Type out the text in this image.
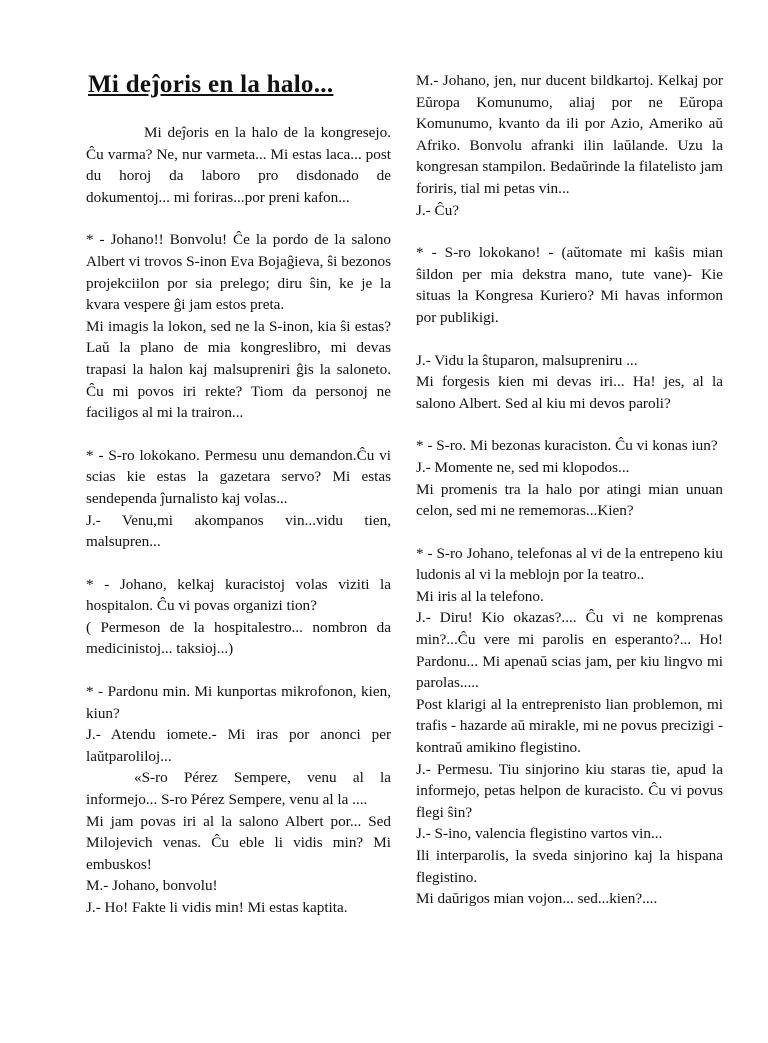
Mi deĵoris en la halo...

Mi deĵoris en la halo de la kongresejo. Ĉu varma? Ne, nur varmeta... Mi estas laca... post du horoj da laboro pro disdonado de dokumentoj... mi foriras...por preni kafon...

* - Johano!! Bonvolu! Ĉe la pordo de la salono Albert vi trovos S-inon Eva Bojaĝieva, ŝi bezonos projekciilon por sia prelego; diru ŝin, ke je la kvara vespere ĝi jam estos preta.

Mi imagis la lokon, sed ne la S-inon, kia ŝi estas? Laŭ la plano de mia kongreslibro, mi devas trapasi la halon kaj malsupreniri ĝis la saloneto. Ĉu mi povos iri rekte? Tiom da personoj ne faciligos al mi la trairon...

* - S-ro lokokano. Permesu unu demandon.Ĉu vi scias kie estas la gazetara servo? Mi estas sendependa ĵurnalisto kaj volas...

J.- Venu,mi akompanos vin...vidu tien, malsupren...

* - Johano, kelkaj kuracistoj volas viziti la hospitalon. Ĉu vi povas organizi tion?

( Permeson de la hospitalestro... nombron da medicinistoj... taksioj...)

* - Pardonu min. Mi kunportas mikrofonon, kien, kiun?

J.- Atendu iomete.- Mi iras por anonci per laŭtparoliloj...

«S-ro Pérez Sempere, venu al la informejo... S-ro Pérez Sempere, venu al la ....

Mi jam povas iri al la salono Albert por... Sed Milojevich venas. Ĉu eble li vidis min? Mi embuskos!

M.- Johano, bonvolu!

J.- Ho! Fakte li vidis min! Mi estas kaptita.

M.- Johano, jen, nur ducent bildkartoj. Kelkaj por Eŭropa Komunumo, aliaj por ne Eŭropa Komunumo, kvanto da ili por Azio, Ameriko aŭ Afriko. Bonvolu afranki ilin laŭlande. Uzu la kongresan stampilon. Bedaŭrinde la filatelisto jam foriris, tial mi petas vin...

J.- Ĉu?

* - S-ro lokokano! - (aŭtomate mi kaŝis mian ŝildon per mia dekstra mano, tute vane)- Kie situas la Kongresa Kuriero? Mi havas informon por publikigi.

J.- Vidu la ŝtuparon, malsupreniru ...

Mi forgesis kien mi devas iri... Ha! jes, al la salono Albert. Sed al kiu mi devos paroli?

* - S-ro. Mi bezonas kuraciston. Ĉu vi konas iun?

J.- Momente ne, sed mi klopodos...

Mi promenis tra la halo por atingi mian unuan celon, sed mi ne rememoras...Kien?

* - S-ro Johano, telefonas al vi de la entrepeno kiu ludonis al vi la meblojn por la teatro..

Mi iris al la telefono.

J.- Diru! Kio okazas?.... Ĉu vi ne komprenas min?...Ĉu vere mi parolis en esperanto?... Ho! Pardonu... Mi apenaŭ scias jam, per kiu lingvo mi parolas.....

Post klarigi al la entreprenisto lian problemon, mi trafis - hazarde aŭ mirakle, mi ne povus precizigi - kontraŭ amikino flegistino.

J.- Permesu. Tiu sinjorino kiu staras tie, apud la informejo, petas helpon de kuracisto. Ĉu vi povus flegi ŝin?

J.- S-ino, valencia flegistino vartos vin...

Ili interparolis, la sveda sinjorino kaj la hispana flegistino.

Mi daŭrigos mian vojon... sed...kien?....
